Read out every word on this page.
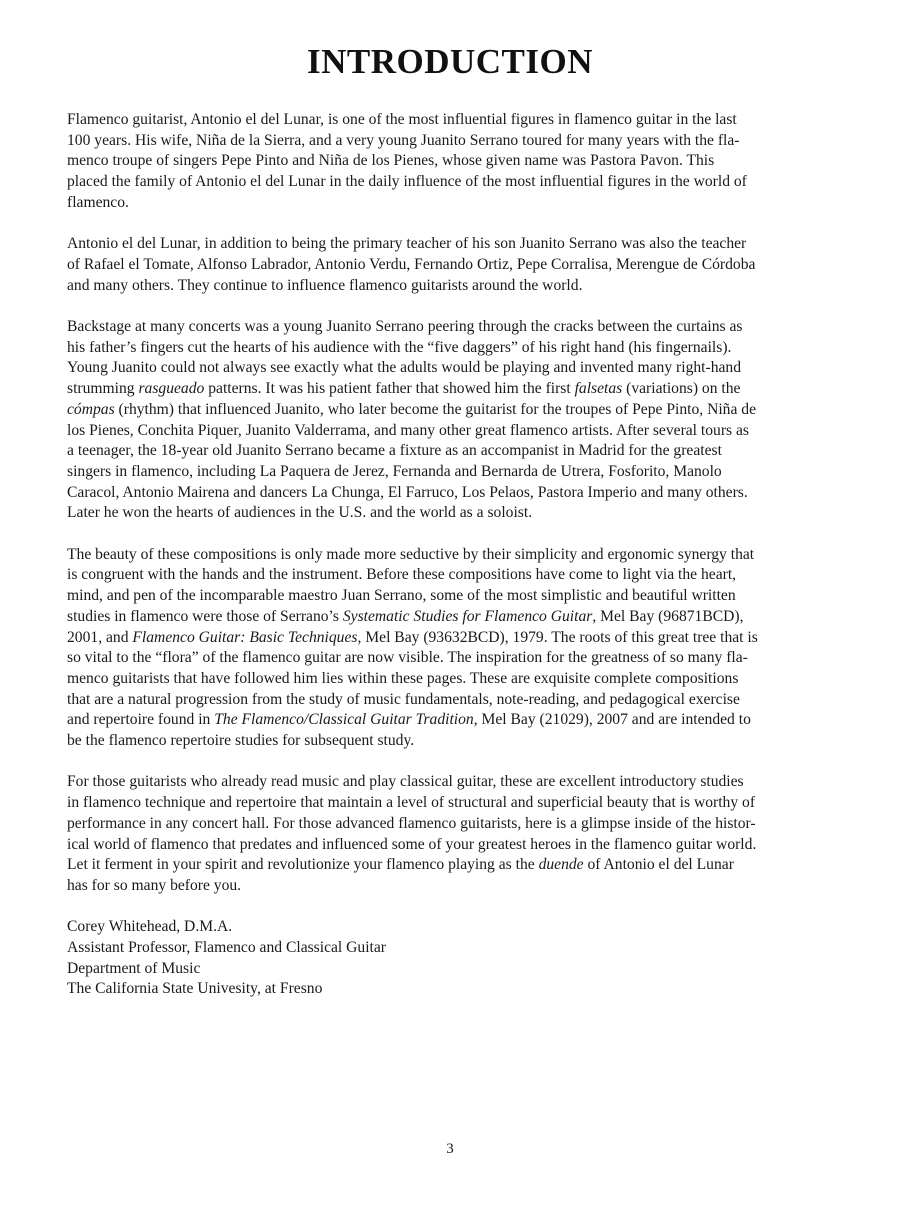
INTRODUCTION

Flamenco guitarist, Antonio el del Lunar, is one of the most influential figures in flamenco guitar in the last
100 years. His wife, Niña de la Sierra, and a very young Juanito Serrano toured for many years with the fla-
menco troupe of singers Pepe Pinto and Niña de los Pienes, whose given name was Pastora Pavon. This
placed the family of Antonio el del Lunar in the daily influence of the most influential figures in the world of
flamenco.

Antonio el del Lunar, in addition to being the primary teacher of his son Juanito Serrano was also the teacher
of Rafael el Tomate, Alfonso Labrador, Antonio Verdu, Fernando Ortiz, Pepe Corralisa, Merengue de Córdoba
and many others. They continue to influence flamenco guitarists around the world.

Backstage at many concerts was a young Juanito Serrano peering through the cracks between the curtains as
his father’s fingers cut the hearts of his audience with the “five daggers” of his right hand (his fingernails).
Young Juanito could not always see exactly what the adults would be playing and invented many right-hand
strumming rasgueado patterns. It was his patient father that showed him the first falsetas (variations) on the
cómpas (rhythm) that influenced Juanito, who later become the guitarist for the troupes of Pepe Pinto, Niña de
los Pienes, Conchita Piquer, Juanito Valderrama, and many other great flamenco artists. After several tours as
a teenager, the 18-year old Juanito Serrano became a fixture as an accompanist in Madrid for the greatest
singers in flamenco, including La Paquera de Jerez, Fernanda and Bernarda de Utrera, Fosforito, Manolo
Caracol, Antonio Mairena and dancers La Chunga, El Farruco, Los Pelaos, Pastora Imperio and many others.
Later he won the hearts of audiences in the U.S. and the world as a soloist.

The beauty of these compositions is only made more seductive by their simplicity and ergonomic synergy that
is congruent with the hands and the instrument. Before these compositions have come to light via the heart,
mind, and pen of the incomparable maestro Juan Serrano, some of the most simplistic and beautiful written
studies in flamenco were those of Serrano’s Systematic Studies for Flamenco Guitar, Mel Bay (96871BCD),
2001, and Flamenco Guitar: Basic Techniques, Mel Bay (93632BCD), 1979. The roots of this great tree that is
so vital to the “flora” of the flamenco guitar are now visible. The inspiration for the greatness of so many fla-
menco guitarists that have followed him lies within these pages. These are exquisite complete compositions
that are a natural progression from the study of music fundamentals, note-reading, and pedagogical exercise
and repertoire found in The Flamenco/Classical Guitar Tradition, Mel Bay (21029), 2007 and are intended to
be the flamenco repertoire studies for subsequent study.

For those guitarists who already read music and play classical guitar, these are excellent introductory studies
in flamenco technique and repertoire that maintain a level of structural and superficial beauty that is worthy of
performance in any concert hall. For those advanced flamenco guitarists, here is a glimpse inside of the histor-
ical world of flamenco that predates and influenced some of your greatest heroes in the flamenco guitar world.
Let it ferment in your spirit and revolutionize your flamenco playing as the duende of Antonio el del Lunar
has for so many before you.

Corey Whitehead, D.M.A.
Assistant Professor, Flamenco and Classical Guitar
Department of Music
The California State Univesity, at Fresno
3
